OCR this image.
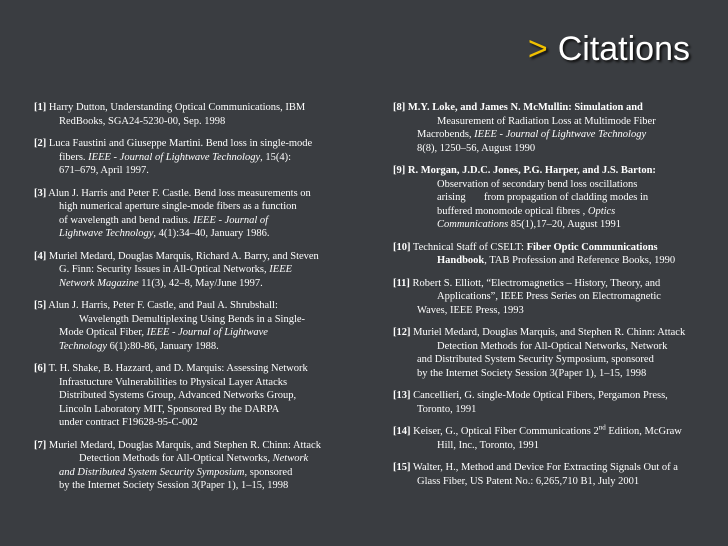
> Citations

[1] Harry Dutton, Understanding Optical Communications, IBM

RedBooks, SGA24-5230-00, Sep. 1998

[2] Luca Faustini and Giuseppe Martini. Bend loss in single-mode

fibers. IEEE - Journal of Lightwave Technology, 15(4):

671–679, April 1997.

[3] Alun J. Harris and Peter F. Castle. Bend loss measurements on

high numerical aperture single-mode fibers as a function

of wavelength and bend radius. IEEE - Journal of

Lightwave Technology, 4(1):34–40, January 1986.

[4] Muriel Medard, Douglas Marquis, Richard A. Barry, and Steven

G. Finn: Security Issues in All-Optical Networks, IEEE

Network Magazine 11(3), 42–8, May/June 1997.

[5] Alun J. Harris, Peter F. Castle, and Paul A. Shrubshall:

Wavelength Demultiplexing Using Bends in a Single-

Mode Optical Fiber, IEEE - Journal of Lightwave

Technology 6(1):80-86, January 1988.

[6] T. H. Shake, B. Hazzard, and D. Marquis: Assessing Network

Infrastucture Vulnerabilities to Physical Layer Attacks

Distributed Systems Group, Advanced Networks Group,

Lincoln Laboratory MIT, Sponsored By the DARPA

under contract F19628-95-C-002

[7] Muriel Medard, Douglas Marquis, and Stephen R. Chinn: Attack

Detection Methods for All-Optical Networks, Network

and Distributed System Security Symposium, sponsored

by the Internet Society Session 3(Paper 1), 1–15, 1998

[8] M.Y. Loke, and James N. McMullin: Simulation and

Measurement of Radiation Loss at Multimode Fiber

Macrobends, IEEE - Journal of Lightwave Technology

8(8), 1250–56, August 1990

[9] R. Morgan, J.D.C. Jones, P.G. Harper, and J.S. Barton:

Observation of secondary bend loss oscillations

arising       from propagation of cladding modes in

buffered monomode optical fibres , Optics

Communications 85(1),17–20, August 1991

[10] Technical Staff of CSELT: Fiber Optic Communications

Handbook, TAB Profession and Reference Books, 1990

[11] Robert S. Elliott, “Electromagnetics – History, Theory, and

Applications”, IEEE Press Series on Electromagnetic

Waves, IEEE Press, 1993

[12] Muriel Medard, Douglas Marquis, and Stephen R. Chinn: Attack

Detection Methods for All-Optical Networks, Network

and Distributed System Security Symposium, sponsored

by the Internet Society Session 3(Paper 1), 1–15, 1998

[13] Cancellieri, G. single-Mode Optical Fibers, Pergamon Press,

Toronto, 1991

[14] Keiser, G., Optical Fiber Communications 2nd Edition, McGraw

Hill, Inc., Toronto, 1991

[15] Walter, H., Method and Device For Extracting Signals Out of a

Glass Fiber, US Patent No.: 6,265,710 B1, July 2001
